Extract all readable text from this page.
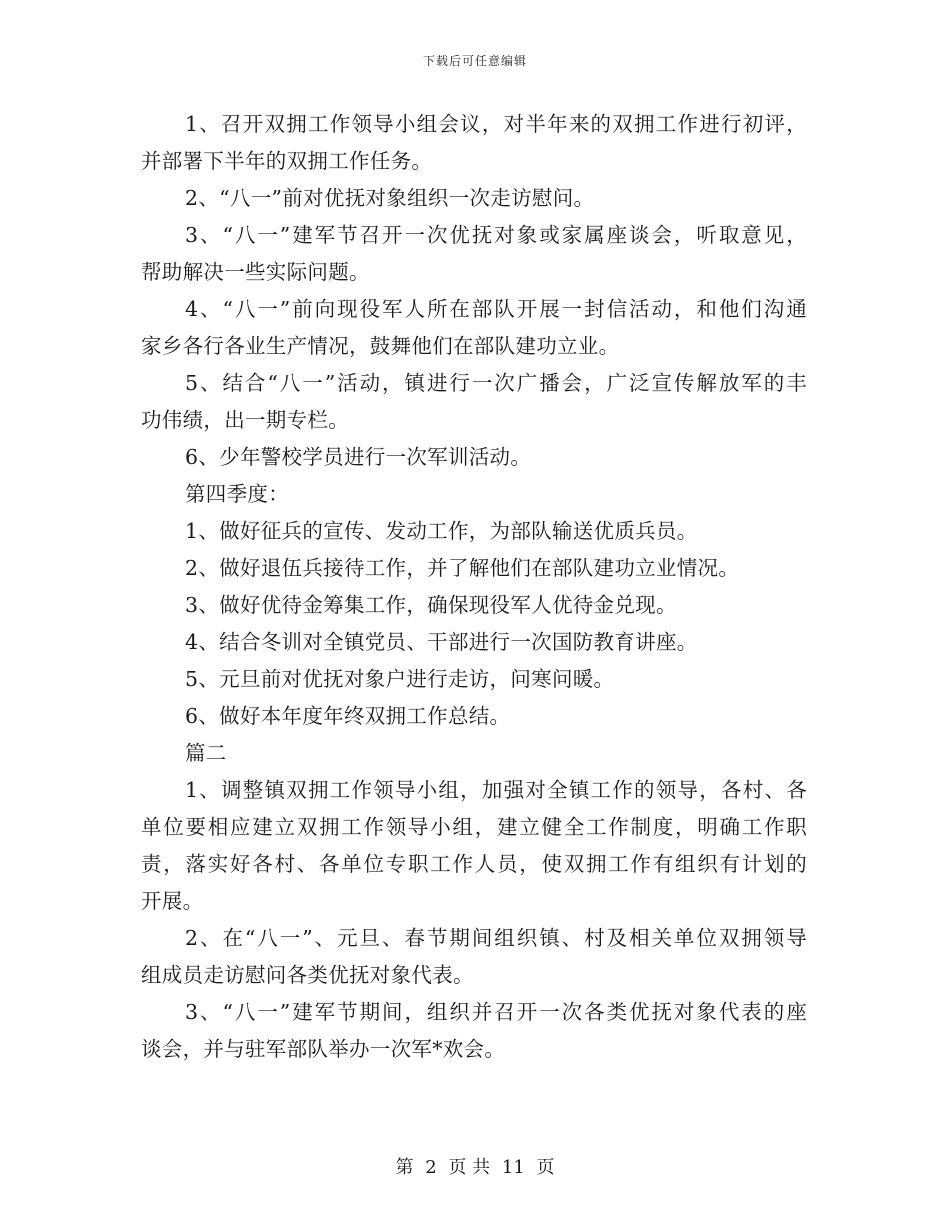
下载后可任意编辑
1、召开双拥工作领导小组会议，对半年来的双拥工作进行初评，
并部署下半年的双拥工作任务。
2、“八一”前对优抚对象组织一次走访慰问。
3、“八一”建军节召开一次优抚对象或家属座谈会，听取意见，
帮助解决一些实际问题。
4、“八一”前向现役军人所在部队开展一封信活动，和他们沟通
家乡各行各业生产情况，鼓舞他们在部队建功立业。
5、结合“八一”活动，镇进行一次广播会，广泛宣传解放军的丰
功伟绩，出一期专栏。
6、少年警校学员进行一次军训活动。
第四季度：
1、做好征兵的宣传、发动工作，为部队输送优质兵员。
2、做好退伍兵接待工作，并了解他们在部队建功立业情况。
3、做好优待金筹集工作，确保现役军人优待金兑现。
4、结合冬训对全镇党员、干部进行一次国防教育讲座。
5、元旦前对优抚对象户进行走访，问寒问暖。
6、做好本年度年终双拥工作总结。
篇二
1、调整镇双拥工作领导小组，加强对全镇工作的领导，各村、各
单位要相应建立双拥工作领导小组，建立健全工作制度，明确工作职
责，落实好各村、各单位专职工作人员，使双拥工作有组织有计划的
开展。
2、在“八一”、元旦、春节期间组织镇、村及相关单位双拥领导
组成员走访慰问各类优抚对象代表。
3、“八一”建军节期间，组织并召开一次各类优抚对象代表的座
谈会，并与驻军部队举办一次军*欢会。
第 2 页 共 11 页
